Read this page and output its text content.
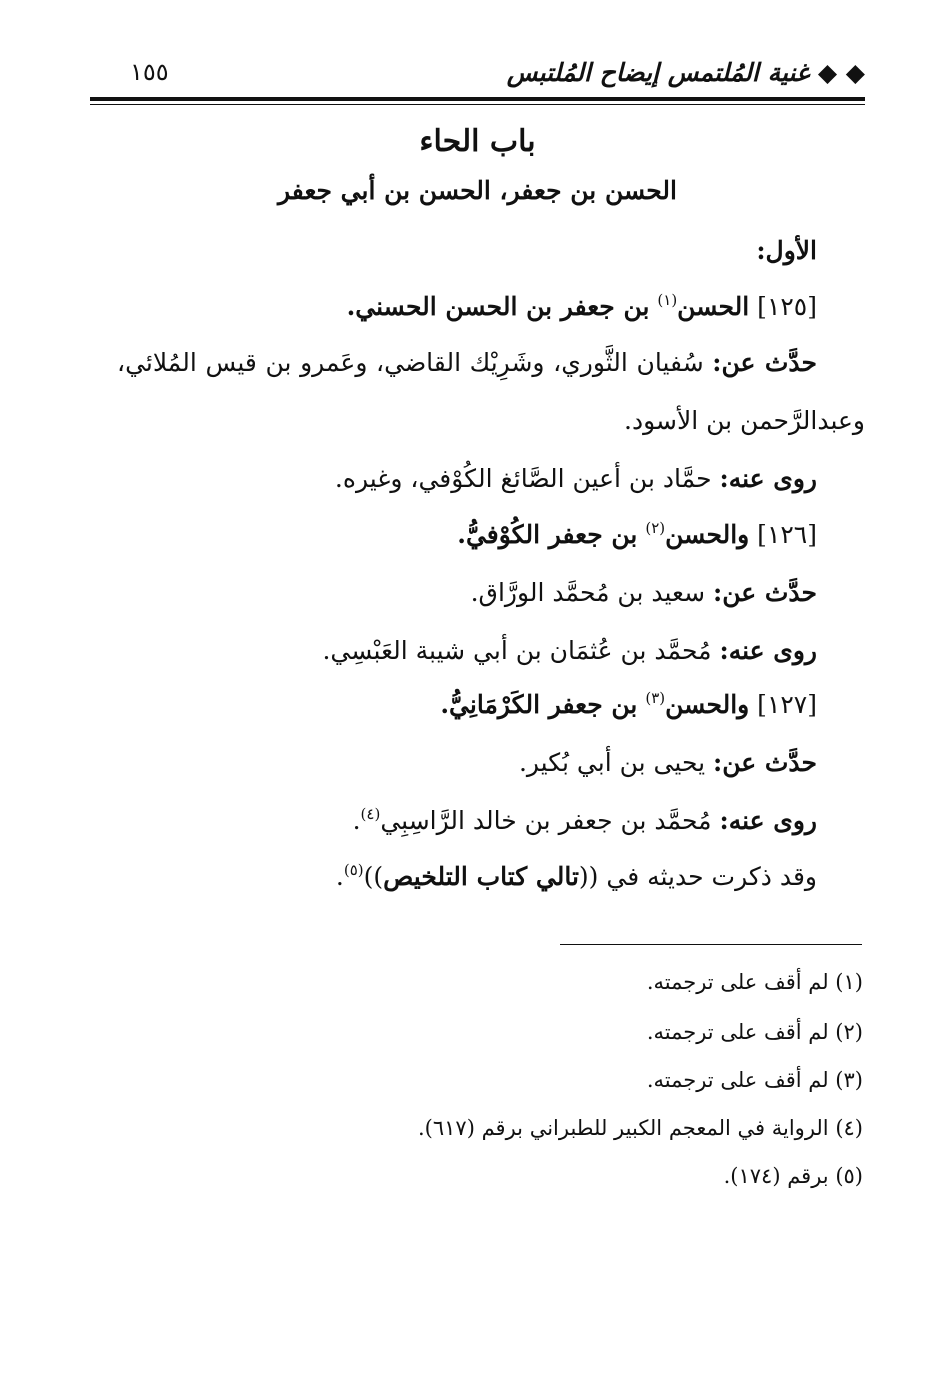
◆ ◆ غنية المُلتمس إيضاح المُلتبس
١٥٥
باب الحاء
الحسن بن جعفر، الحسن بن أبي جعفر
الأول:
[١٢٥] الحسن$^{(١)}$ بن جعفر بن الحسن الحسني.
حدَّث عن: سُفيان الثَّوري، وشَرِيْك القاضي، وعَمرو بن قيس المُلائي،
وعبدالرَّحمن بن الأسود.
روى عنه: حمَّاد بن أعين الصَّائغ الكُوْفي، وغيره.
[١٢٦] والحسن$^{(٢)}$ بن جعفر الكُوْفيُّ.
حدَّث عن: سعيد بن مُحمَّد الورَّاق.
روى عنه: مُحمَّد بن عُثمَان بن أبي شيبة العَبْسِي.
[١٢٧] والحسن$^{(٣)}$ بن جعفر الكَرْمَانِيُّ.
حدَّث عن: يحيى بن أبي بُكير.
روى عنه: مُحمَّد بن جعفر بن خالد الرَّاسِبِي$^{(٤)}$.
وقد ذكرت حديثه في ((تالي كتاب التلخيص))$^{(٥)}$.
(١) لم أقف على ترجمته.
(٢) لم أقف على ترجمته.
(٣) لم أقف على ترجمته.
(٤) الرواية في المعجم الكبير للطبراني برقم (٦١٧).
(٥) برقم (١٧٤).
